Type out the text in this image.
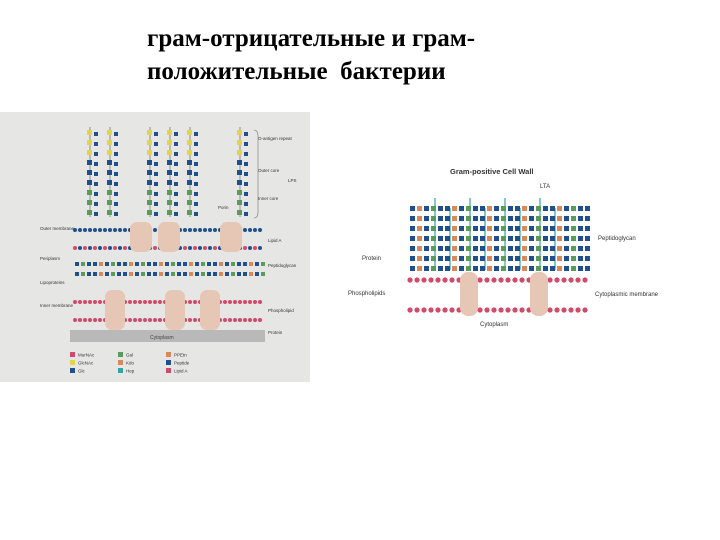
грам-отрицательные и грам-
положительные  бактерии
Cytoplasm
Outer membrane
Periplasm
Lipoproteins
Inner membrane
O-antigen repeat
Outer core
Inner core
LPS
Lipid A
Peptidoglycan
Phospholipid
Protein
Porin
MurNAc
GlcNAc
Glc
Gal
Kdo
Hep
PPEtn
Peptide
Lipid A
Gram-positive Cell Wall
LTA
Peptidoglycan
Protein
Phospholipids	Cytoplasmic membrane
Cytoplasm
